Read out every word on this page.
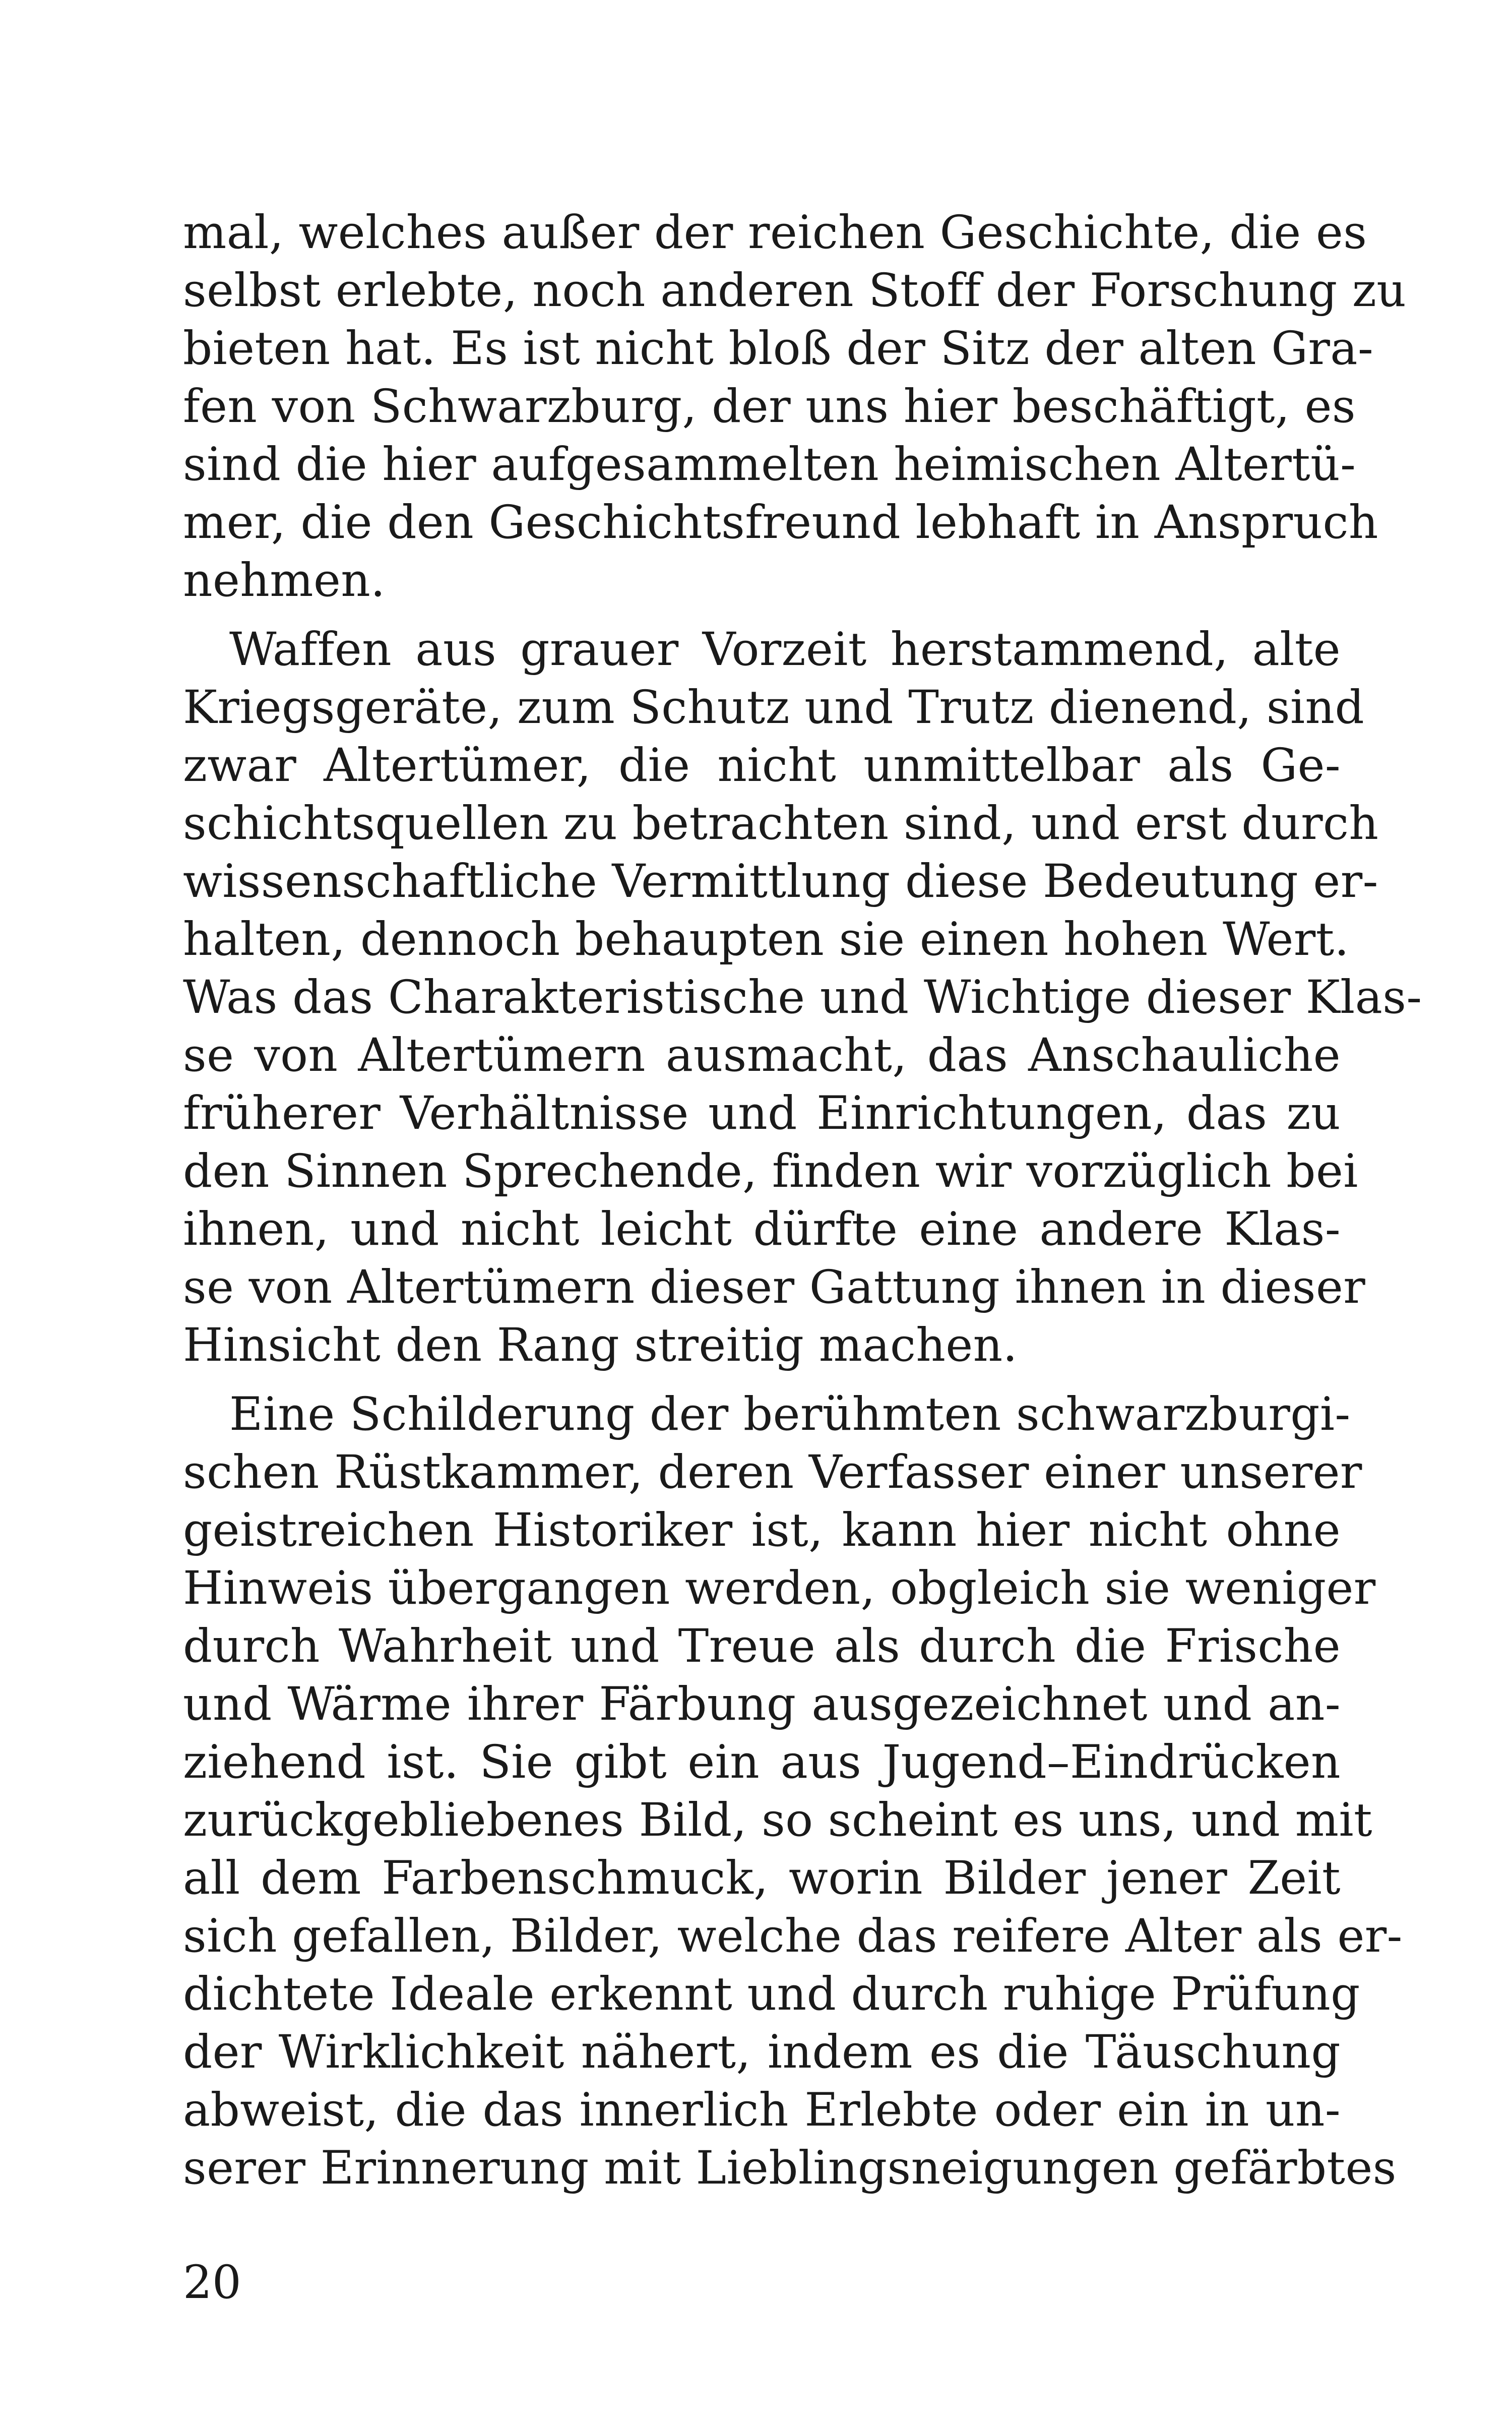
mal, welches außer der reichen Geschichte, die es
selbst erlebte, noch anderen Stoff der Forschung zu
bieten hat. Es ist nicht bloß der Sitz der alten Gra-
fen von Schwarzburg, der uns hier beschäftigt, es
sind die hier aufgesammelten heimischen Altertü-
mer, die den Geschichtsfreund lebhaft in Anspruch
nehmen.
Waffen aus grauer Vorzeit herstammend, alte
Kriegsgeräte, zum Schutz und Trutz dienend, sind
zwar Altertümer, die nicht unmittelbar als Ge-
schichtsquellen zu betrachten sind, und erst durch
wissenschaftliche Vermittlung diese Bedeutung er-
halten, dennoch behaupten sie einen hohen Wert.
Was das Charakteristische und Wichtige dieser Klas-
se von Altertümern ausmacht, das Anschauliche
früherer Verhältnisse und Einrichtungen, das zu
den Sinnen Sprechende, finden wir vorzüglich bei
ihnen, und nicht leicht dürfte eine andere Klas-
se von Altertümern dieser Gattung ihnen in dieser
Hinsicht den Rang streitig machen.
Eine Schilderung der berühmten schwarzburgi-
schen Rüstkammer, deren Verfasser einer unserer
geistreichen Historiker ist, kann hier nicht ohne
Hinweis übergangen werden, obgleich sie weniger
durch Wahrheit und Treue als durch die Frische
und Wärme ihrer Färbung ausgezeichnet und an-
ziehend ist. Sie gibt ein aus Jugend–Eindrücken
zurückgebliebenes Bild, so scheint es uns, und mit
all dem Farbenschmuck, worin Bilder jener Zeit
sich gefallen, Bilder, welche das reifere Alter als er-
dichtete Ideale erkennt und durch ruhige Prüfung
der Wirklichkeit nähert, indem es die Täuschung
abweist, die das innerlich Erlebte oder ein in un-
serer Erinnerung mit Lieblingsneigungen gefärbtes
20
